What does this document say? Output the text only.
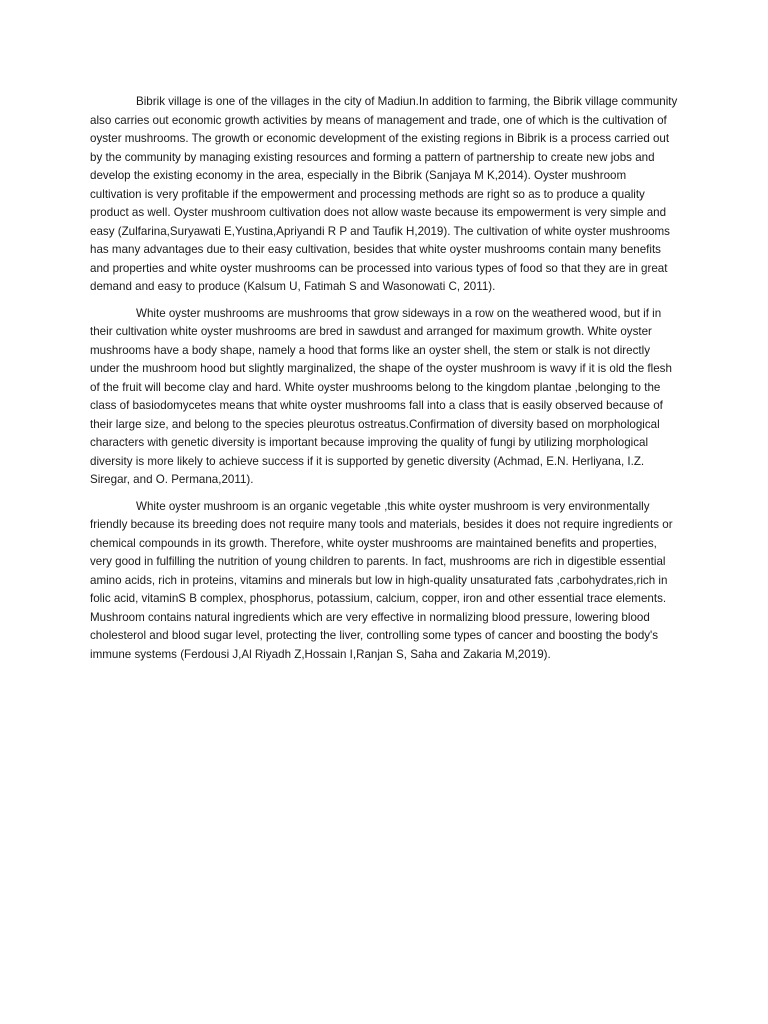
Bibrik village is one of the villages in the city of Madiun.In addition to farming, the Bibrik village community also carries out economic growth activities by means of management and trade, one of which is the cultivation of oyster mushrooms. The growth or economic development of the existing regions in Bibrik is a process carried out by the community by managing existing resources and forming a pattern of partnership to create new jobs and develop the existing economy in the area, especially in the Bibrik (Sanjaya M K,2014). Oyster mushroom cultivation is very profitable if the empowerment and processing methods are right so as to produce a quality product as well. Oyster mushroom cultivation does not allow waste because its empowerment is very simple and easy (Zulfarina,Suryawati E,Yustina,Apriyandi R P and Taufik H,2019). The cultivation of white oyster mushrooms has many advantages due to their easy cultivation, besides that white oyster mushrooms contain many benefits and properties and white oyster mushrooms can be processed into various types of food so that they are in great demand and easy to produce (Kalsum U, Fatimah S and Wasonowati C, 2011).

White oyster mushrooms are mushrooms that grow sideways in a row on the weathered wood, but if in their cultivation white oyster mushrooms are bred in sawdust and arranged for maximum growth. White oyster mushrooms have a body shape, namely a hood that forms like an oyster shell, the stem or stalk is not directly under the mushroom hood but slightly marginalized, the shape of the oyster mushroom is wavy if it is old the flesh of the fruit will become clay and hard. White oyster mushrooms belong to the kingdom plantae ,belonging to the class of basiodomycetes means that white oyster mushrooms fall into a class that is easily observed because of their large size, and belong to the species pleurotus ostreatus.Confirmation of diversity based on morphological characters with genetic diversity is important because improving the quality of fungi by utilizing morphological diversity is more likely to achieve success if it is supported by genetic diversity (Achmad, E.N. Herliyana, I.Z. Siregar, and O. Permana,2011).

White oyster mushroom is an organic vegetable ,this white oyster mushroom is very environmentally friendly because its breeding does not require many tools and materials, besides it does not require ingredients or chemical compounds in its growth. Therefore, white oyster mushrooms are maintained benefits and properties, very good in fulfilling the nutrition of young children to parents. In fact, mushrooms are rich in digestible essential amino acids, rich in proteins, vitamins and minerals but low in high-quality unsaturated fats ,carbohydrates,rich in folic acid, vitaminS B complex, phosphorus, potassium, calcium, copper, iron and other essential trace elements. Mushroom contains natural ingredients which are very effective in normalizing blood pressure, lowering blood cholesterol and blood sugar level, protecting the liver, controlling some types of cancer and boosting the body's immune systems (Ferdousi J,Al Riyadh Z,Hossain I,Ranjan S, Saha and Zakaria M,2019).
